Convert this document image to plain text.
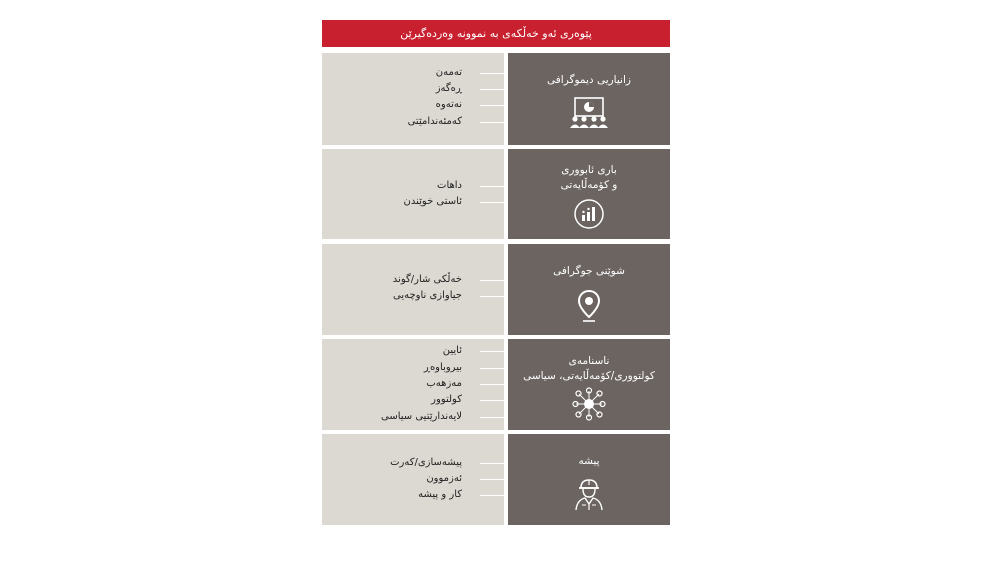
پێوەری ئەو خەڵکەی بە نموونە وەردەگیرێن
تەمەن
ڕەگەز
نەتەوە
کەمئەندامێتی
زانیاریی دیموگرافی
داهات
ئاستی خوێندن
باری ئابووری
و کۆمەڵایەتی
خەڵکی شار/گوند
جیاوازی ناوچەیی
شوێنی جوگرافی
ئایین
بیروباوەڕ
مەزهەب
کولتوور
لایەندارێتیی سیاسی
ناسنامەی
کولتووری/کۆمەڵایەتی، سیاسی
پیشەسازی/کەرت
ئەزموون
کار و پیشە
پیشە
